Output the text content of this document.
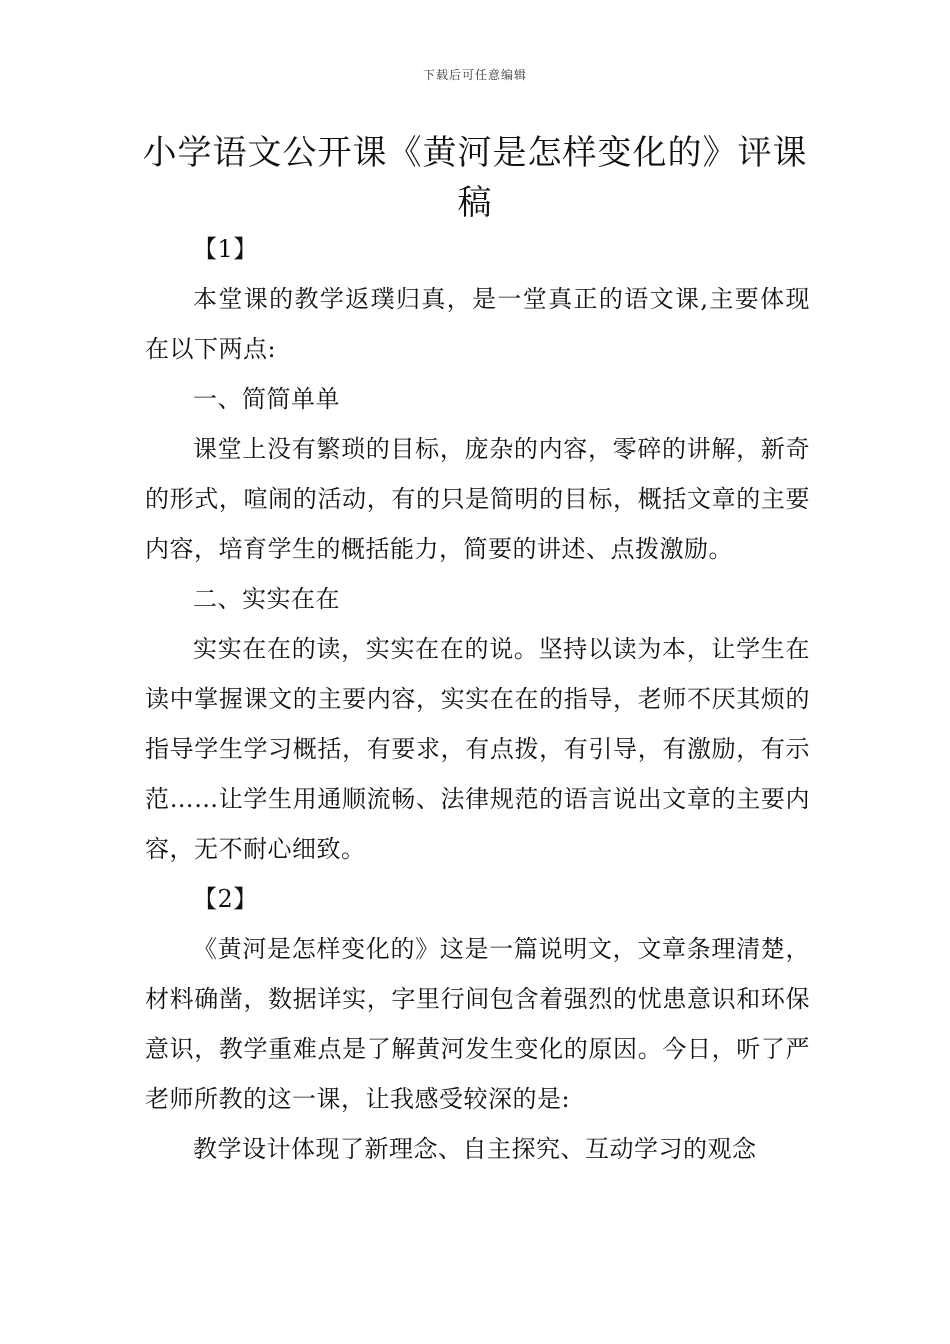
下载后可任意编辑
小学语文公开课《黄河是怎样变化的》评课稿

【1】

本堂课的教学返璞归真，是一堂真正的语文课,主要体现在以下两点:

一、简简单单

课堂上没有繁琐的目标，庞杂的内容，零碎的讲解，新奇的形式，喧闹的活动，有的只是简明的目标，概括文章的主要内容，培育学生的概括能力，简要的讲述、点拨激励。

二、实实在在

实实在在的读，实实在在的说。坚持以读为本，让学生在读中掌握课文的主要内容，实实在在的指导，老师不厌其烦的指导学生学习概括，有要求，有点拨，有引导，有激励，有示范……让学生用通顺流畅、法律规范的语言说出文章的主要内容，无不耐心细致。

【2】

《黄河是怎样变化的》这是一篇说明文，文章条理清楚，材料确凿，数据详实，字里行间包含着强烈的忧患意识和环保意识，教学重难点是了解黄河发生变化的原因。今日，听了严老师所教的这一课，让我感受较深的是:

教学设计体现了新理念、自主探究、互动学习的观念
